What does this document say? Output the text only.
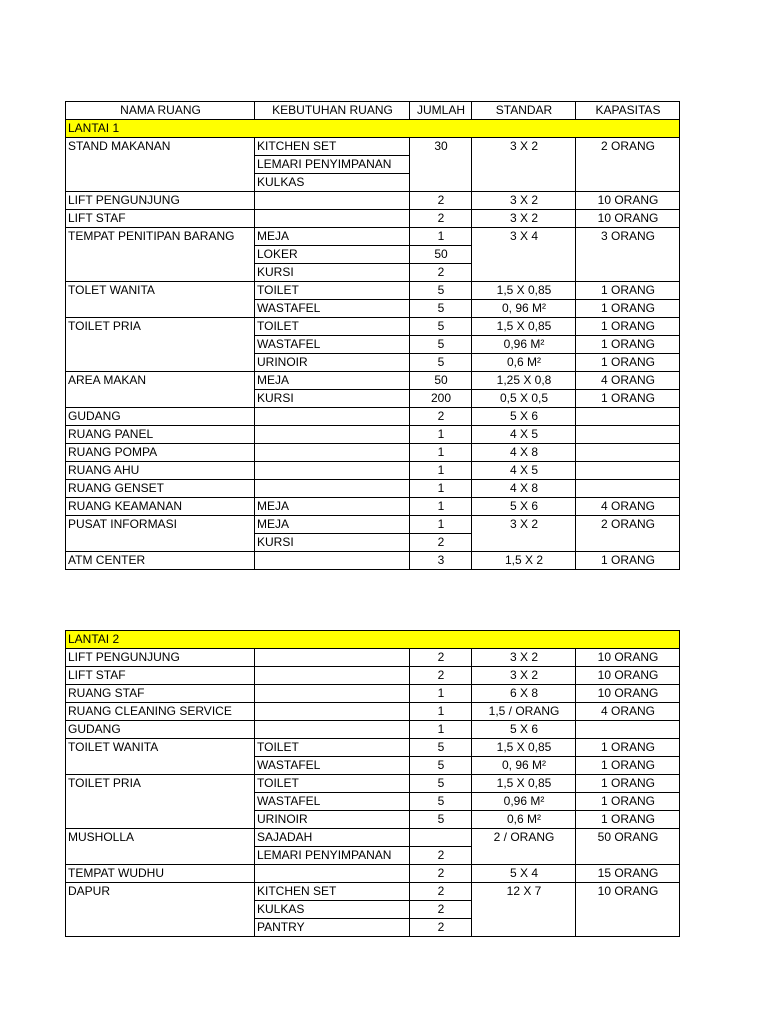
NAMA RUANG	KEBUTUHAN RUANG	JUMLAH	STANDAR	KAPASITAS
LANTAI 1				
STAND MAKANAN	KITCHEN SET	30	3 X 2	2 ORANG
	LEMARI PENYIMPANAN			
	KULKAS			
LIFT PENGUNJUNG		2	3 X 2	10 ORANG
LIFT STAF		2	3 X 2	10 ORANG
TEMPAT PENITIPAN BARANG	MEJA	1	3 X 4	3 ORANG
	LOKER	50		
	KURSI	2		
TOLET WANITA	TOILET	5	1,5 X 0,85	1 ORANG
	WASTAFEL	5	0, 96 M²	1 ORANG
TOILET PRIA	TOILET	5	1,5 X 0,85	1 ORANG
	WASTAFEL	5	0,96 M²	1 ORANG
	URINOIR	5	0,6 M²	1 ORANG
AREA MAKAN	MEJA	50	1,25 X 0,8	4 ORANG
	KURSI	200	0,5 X 0,5	1 ORANG
GUDANG		2	5 X 6	
RUANG PANEL		1	4 X 5	
RUANG POMPA		1	4 X 8	
RUANG AHU		1	4 X 5	
RUANG GENSET		1	4 X 8	
RUANG KEAMANAN	MEJA	1	5 X 6	4 ORANG
PUSAT INFORMASI	MEJA	1	3 X 2	2 ORANG
	KURSI	2		
ATM CENTER		3	1,5 X 2	1 ORANG
LANTAI 2				
LIFT PENGUNJUNG		2	3 X 2	10 ORANG
LIFT STAF		2	3 X 2	10 ORANG
RUANG STAF		1	6 X 8	10 ORANG
RUANG CLEANING SERVICE		1	1,5 / ORANG	4 ORANG
GUDANG		1	5 X 6	
TOILET WANITA	TOILET	5	1,5 X 0,85	1 ORANG
	WASTAFEL	5	0, 96 M²	1 ORANG
TOILET PRIA	TOILET	5	1,5 X 0,85	1 ORANG
	WASTAFEL	5	0,96 M²	1 ORANG
	URINOIR	5	0,6 M²	1 ORANG
MUSHOLLA	SAJADAH		2 / ORANG	50 ORANG
	LEMARI PENYIMPANAN	2		
TEMPAT WUDHU		2	5 X 4	15 ORANG
DAPUR	KITCHEN SET	2	12 X 7	10 ORANG
	KULKAS	2		
	PANTRY	2		
